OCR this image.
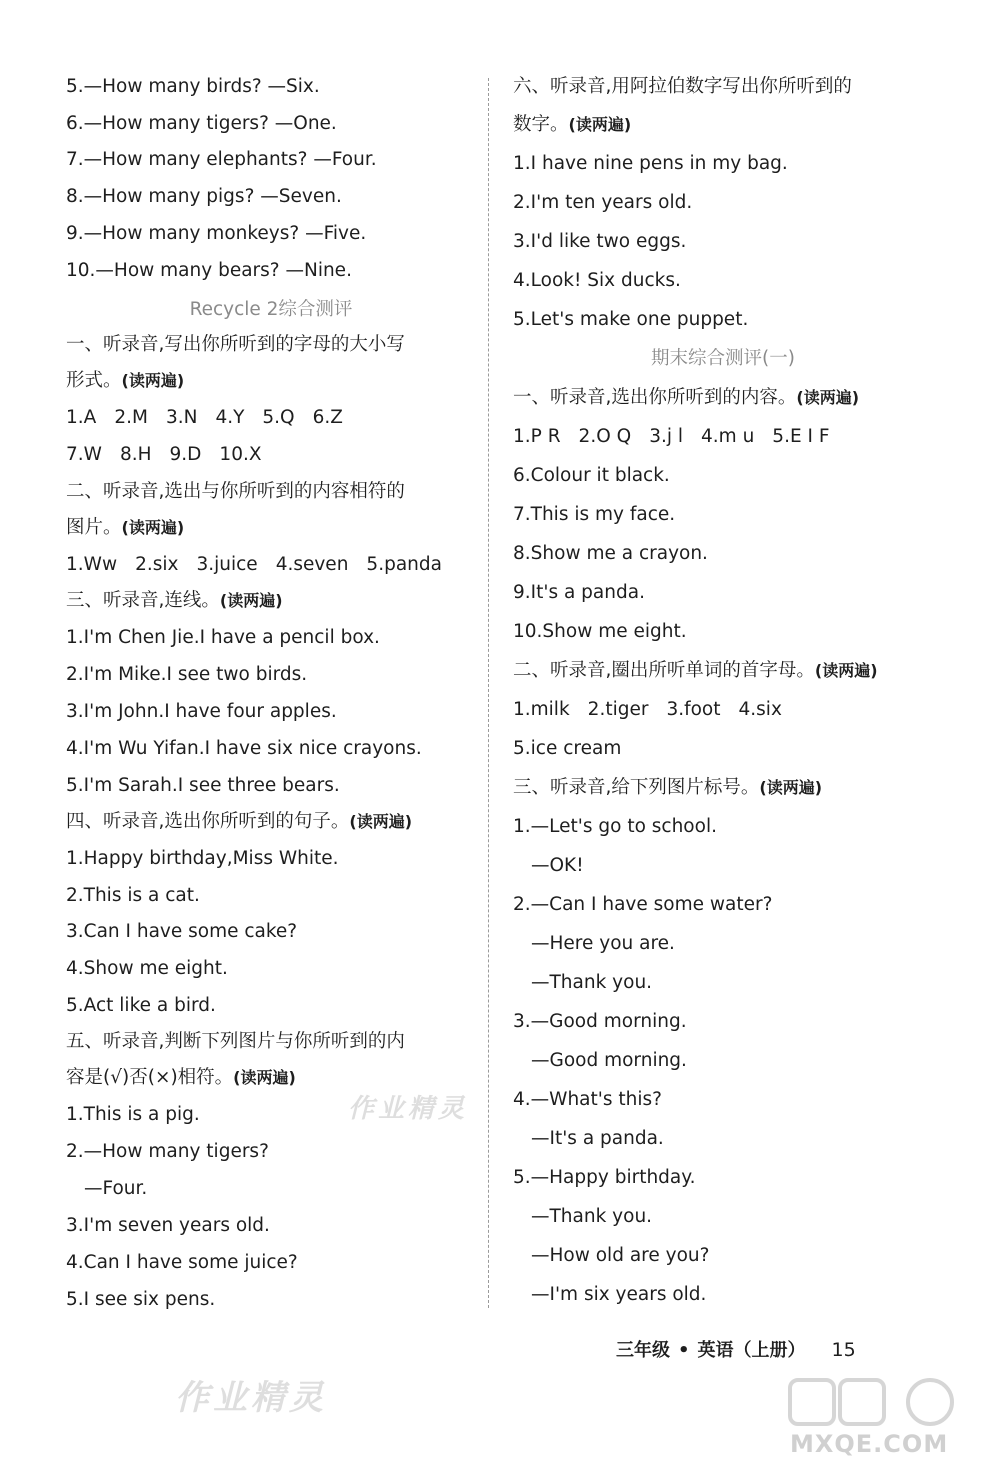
5.—How many birds? —Six.
6.—How many tigers? —One.
7.—How many elephants? —Four.
8.—How many pigs? —Seven.
9.—How many monkeys? —Five.
10.—How many bears? —Nine.
Recycle 2综合测评
一、听录音,写出你所听到的字母的大小写
形式。(读两遍)
1.A 2.M 3.N 4.Y 5.Q 6.Z
7.W 8.H 9.D 10.X
二、听录音,选出与你所听到的内容相符的
图片。(读两遍)
1.Ww 2.six 3.juice 4.seven 5.panda
三、听录音,连线。(读两遍)
1.I'm Chen Jie.I have a pencil box.
2.I'm Mike.I see two birds.
3.I'm John.I have four apples.
4.I'm Wu Yifan.I have six nice crayons.
5.I'm Sarah.I see three bears.
四、听录音,选出你所听到的句子。(读两遍)
1.Happy birthday,Miss White.
2.This is a cat.
3.Can I have some cake?
4.Show me eight.
5.Act like a bird.
五、听录音,判断下列图片与你所听到的内
容是(√)否(×)相符。(读两遍)
1.This is a pig.
2.—How many tigers?
—Four.
3.I'm seven years old.
4.Can I have some juice?
5.I see six pens.
六、听录音,用阿拉伯数字写出你所听到的
数字。(读两遍)
1.I have nine pens in my bag.
2.I'm ten years old.
3.I'd like two eggs.
4.Look! Six ducks.
5.Let's make one puppet.
期末综合测评(一)
一、听录音,选出你所听到的内容。(读两遍)
1.P R 2.O Q 3.j l 4.m u 5.E I F
6.Colour it black.
7.This is my face.
8.Show me a crayon.
9.It's a panda.
10.Show me eight.
二、听录音,圈出所听单词的首字母。(读两遍)
1.milk 2.tiger 3.foot 4.six
5.ice cream
三、听录音,给下列图片标号。(读两遍)
1.—Let's go to school.
—OK!
2.—Can I have some water?
—Here you are.
—Thank you.
3.—Good morning.
—Good morning.
4.—What's this?
—It's a panda.
5.—Happy birthday.
—Thank you.
—How old are you?
—I'm six years old.
三年级 • 英语（上册） 15
作业精灵
作业精灵
MXQE.COM
